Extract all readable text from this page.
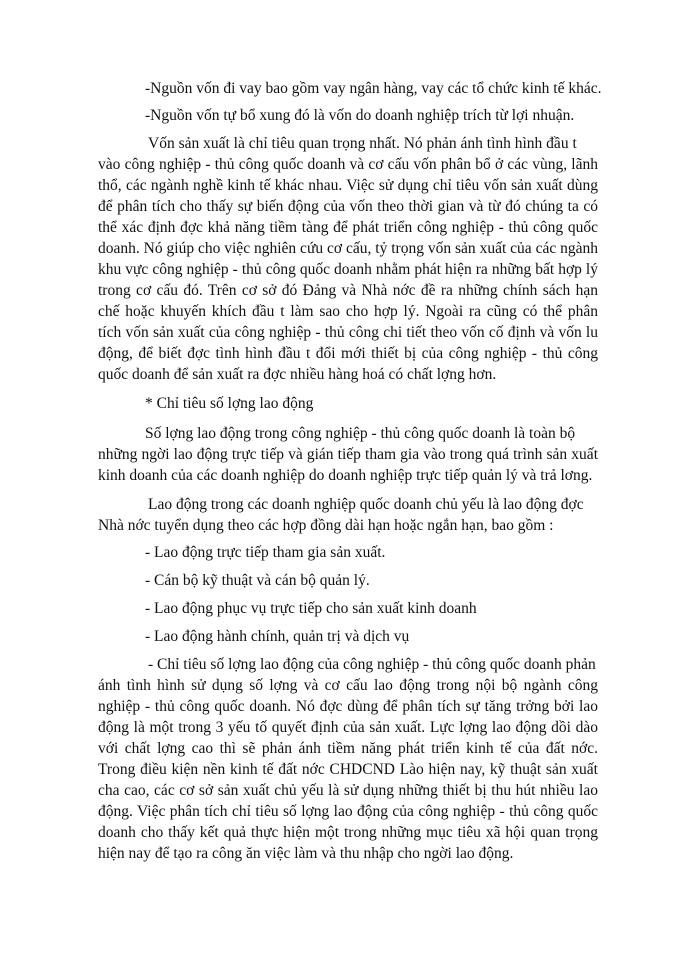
-Nguồn vốn đi vay bao gồm vay ngân hàng, vay các tổ chức kinh tế khác.
-Nguồn vốn tự bổ xung đó là vốn do doanh nghiệp trích từ lợi nhuận.
Vốn sản xuất là chỉ tiêu quan trọng nhất. Nó phản ánh tình hình đầu t
vào công nghiệp - thủ công quốc doanh và cơ cấu vốn phân bổ ở các vùng, lãnh
thổ, các ngành nghề kinh tế khác nhau. Việc sử dụng chỉ tiêu vốn sản xuất dùng
để phân tích cho thấy sự biến động của vốn theo thời gian và từ đó chúng ta có
thể xác định đợc khả năng tiềm tàng để phát triển công nghiệp - thủ công quốc
doanh. Nó giúp cho việc nghiên cứu cơ cấu, tỷ trọng vốn sản xuất của các ngành
khu vực công nghiệp - thủ công quốc doanh nhằm phát hiện ra những bất hợp lý
trong cơ cấu đó. Trên cơ sở đó Đảng và Nhà nớc đề ra những chính sách hạn
chế hoặc khuyến khích đầu t làm sao cho hợp lý. Ngoài ra cũng có thể phân
tích vốn sản xuất của công nghiệp - thủ công chi tiết theo vốn cố định và vốn lu
động, để biết đợc tình hình đầu t đổi mới thiết bị của công nghiệp - thủ công
quốc doanh để sản xuất ra đợc nhiều hàng hoá có chất lợng hơn.
* Chỉ tiêu số lợng lao động
Số lợng lao động trong công nghiệp - thủ công quốc doanh là toàn bộ
những ngời lao động trực tiếp và gián tiếp tham gia vào trong quá trình sản xuất
kinh doanh của các doanh nghiệp do doanh nghiệp trực tiếp quản lý và trả lơng.
Lao động trong các doanh nghiệp quốc doanh chủ yếu là lao động đợc
Nhà nớc tuyển dụng theo các hợp đồng dài hạn hoặc ngắn hạn, bao gồm :
- Lao động trực tiếp tham gia sản xuất.
- Cán bộ kỹ thuật và cán bộ quản lý.
- Lao động phục vụ trực tiếp cho sản xuất kinh doanh
- Lao động hành chính, quản trị và dịch vụ
- Chỉ tiêu số lợng lao động của công nghiệp - thủ công quốc doanh phản
ánh tình hình sử dụng số lợng và cơ cấu lao động trong nội bộ ngành công
nghiệp - thủ công quốc doanh. Nó đợc dùng để phân tích sự tăng trởng bởi lao
động là một trong 3 yếu tố quyết định của sản xuất. Lực lợng lao động dồi dào
với chất lợng cao thì sẽ phản ánh tiềm năng phát triển kinh tế của đất nớc.
Trong điều kiện nền kinh tế đất nớc CHDCND Lào hiện nay, kỹ thuật sản xuất
cha cao, các cơ sở sản xuất chủ yếu là sử dụng những thiết bị thu hút nhiều lao
động. Việc phân tích chỉ tiêu số lợng lao động của công nghiệp - thủ công quốc
doanh cho thấy kết quả thực hiện một trong những mục tiêu xã hội quan trọng
hiện nay để tạo ra công ăn việc làm và thu nhập cho ngời lao động.
